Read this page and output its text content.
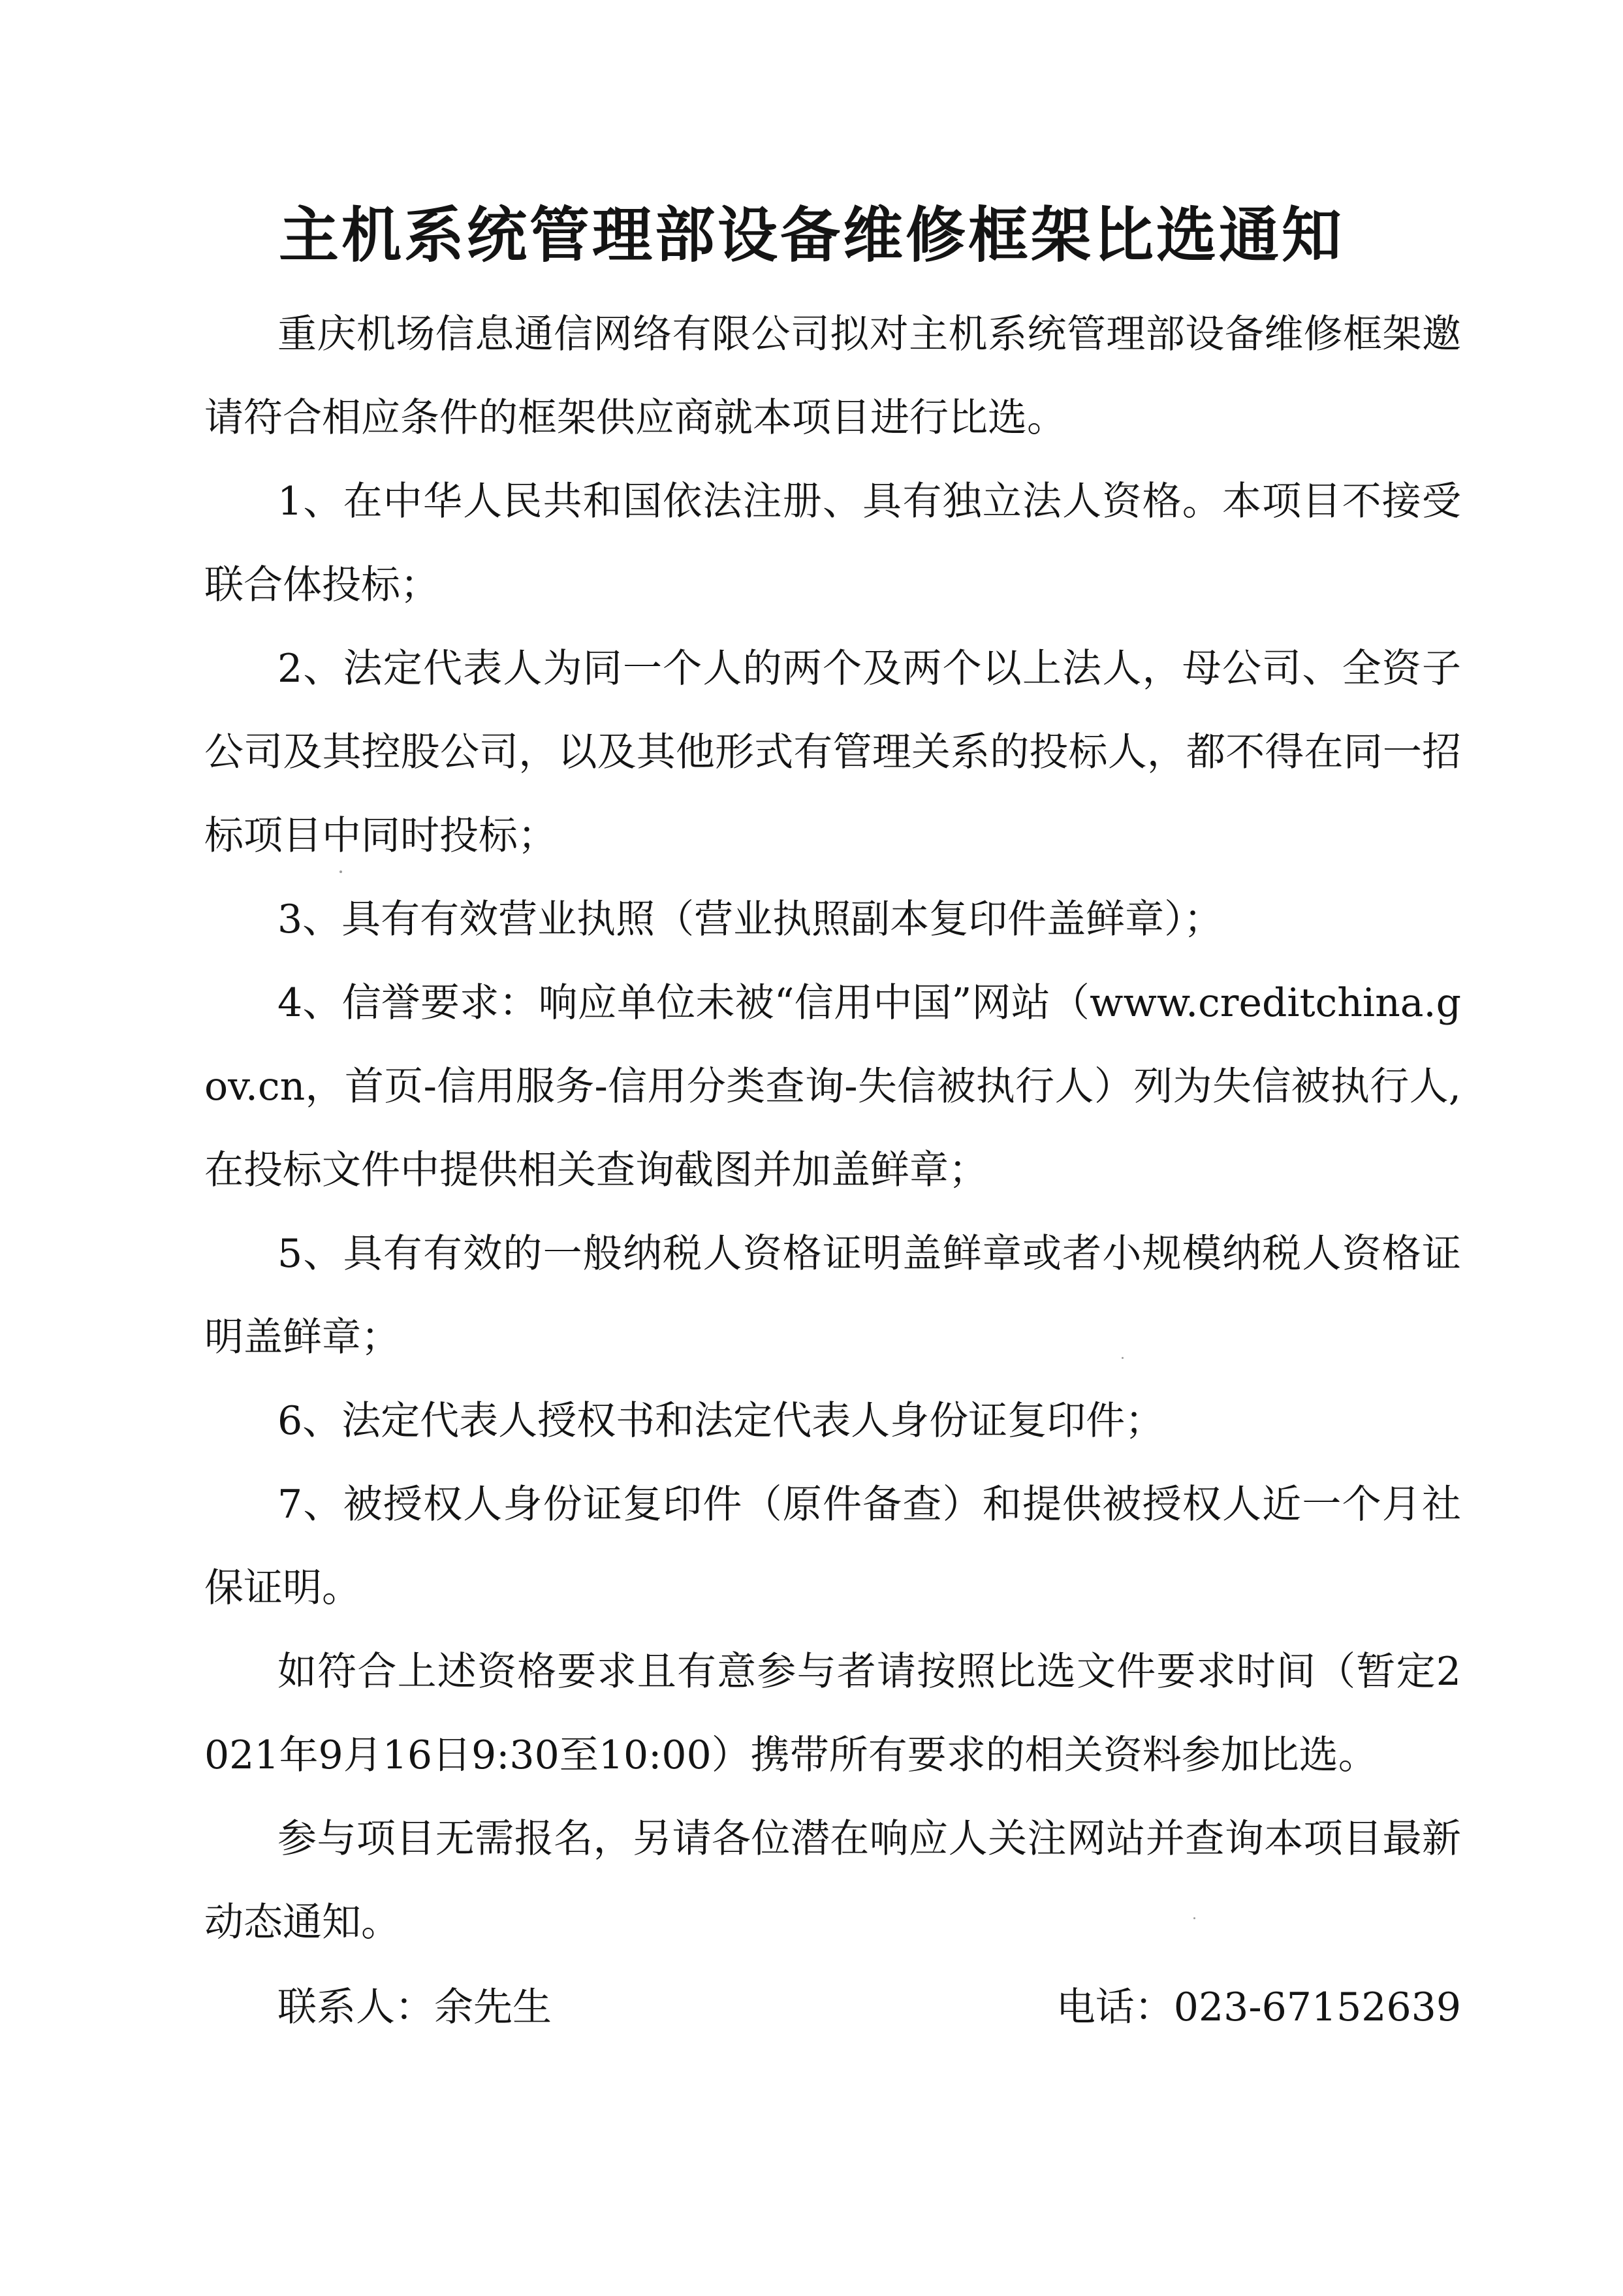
主机系统管理部设备维修框架比选通知

重庆机场信息通信网络有限公司拟对主机系统管理部设备维修框架邀请符合相应条件的框架供应商就本项目进行比选。

1、在中华人民共和国依法注册、具有独立法人资格。本项目不接受联合体投标；

2、法定代表人为同一个人的两个及两个以上法人，母公司、全资子公司及其控股公司，以及其他形式有管理关系的投标人，都不得在同一招标项目中同时投标；

3、具有有效营业执照（营业执照副本复印件盖鲜章）；

4、信誉要求：响应单位未被“信用中国”网站（www.creditchina.gov.cn，首页-信用服务-信用分类查询-失信被执行人）列为失信被执行人,在投标文件中提供相关查询截图并加盖鲜章；

5、具有有效的一般纳税人资格证明盖鲜章或者小规模纳税人资格证明盖鲜章；

6、法定代表人授权书和法定代表人身份证复印件；

7、被授权人身份证复印件（原件备查）和提供被授权人近一个月社保证明。

如符合上述资格要求且有意参与者请按照比选文件要求时间（暂定2021年9月16日9:30至10:00）携带所有要求的相关资料参加比选。

参与项目无需报名，另请各位潜在响应人关注网站并查询本项目最新动态通知。

联系人：余先生	电话：023-67152639
